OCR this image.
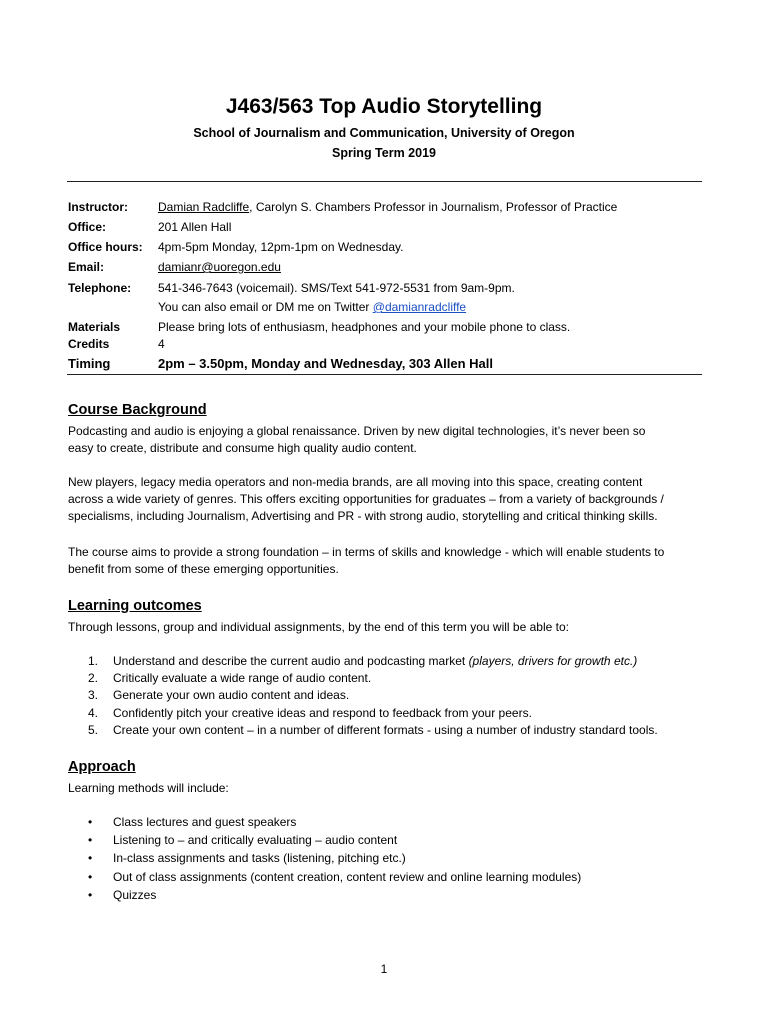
J463/563 Top Audio Storytelling
School of Journalism and Communication, University of Oregon
Spring Term 2019
Instructor:	Damian Radcliffe, Carolyn S. Chambers Professor in Journalism, Professor of Practice
Office:	201 Allen Hall
Office hours: 4pm-5pm Monday, 12pm-1pm on Wednesday.
Email:	damianr@uoregon.edu
Telephone: 541-346-7643 (voicemail). SMS/Text 541-972-5531 from 9am-9pm.
You can also email or DM me on Twitter @damianradcliffe
Materials	Please bring lots of enthusiasm, headphones and your mobile phone to class.
Credits	4
Timing	2pm – 3.50pm, Monday and Wednesday, 303 Allen Hall
Course Background
Podcasting and audio is enjoying a global renaissance. Driven by new digital technologies, it’s never been so
easy to create, distribute and consume high quality audio content.
New players, legacy media operators and non-media brands, are all moving into this space, creating content
across a wide variety of genres. This offers exciting opportunities for graduates – from a variety of backgrounds /
specialisms, including Journalism, Advertising and PR - with strong audio, storytelling and critical thinking skills.
The course aims to provide a strong foundation – in terms of skills and knowledge - which will enable students to
benefit from some of these emerging opportunities.
Learning outcomes
Through lessons, group and individual assignments, by the end of this term you will be able to:
1. Understand and describe the current audio and podcasting market (players, drivers for growth etc.)
2. Critically evaluate a wide range of audio content.
3. Generate your own audio content and ideas.
4. Confidently pitch your creative ideas and respond to feedback from your peers.
5. Create your own content – in a number of different formats - using a number of industry standard tools.
Approach
Learning methods will include:
• Class lectures and guest speakers
• Listening to – and critically evaluating – audio content
• In-class assignments and tasks (listening, pitching etc.)
• Out of class assignments (content creation, content review and online learning modules)
• Quizzes
1
